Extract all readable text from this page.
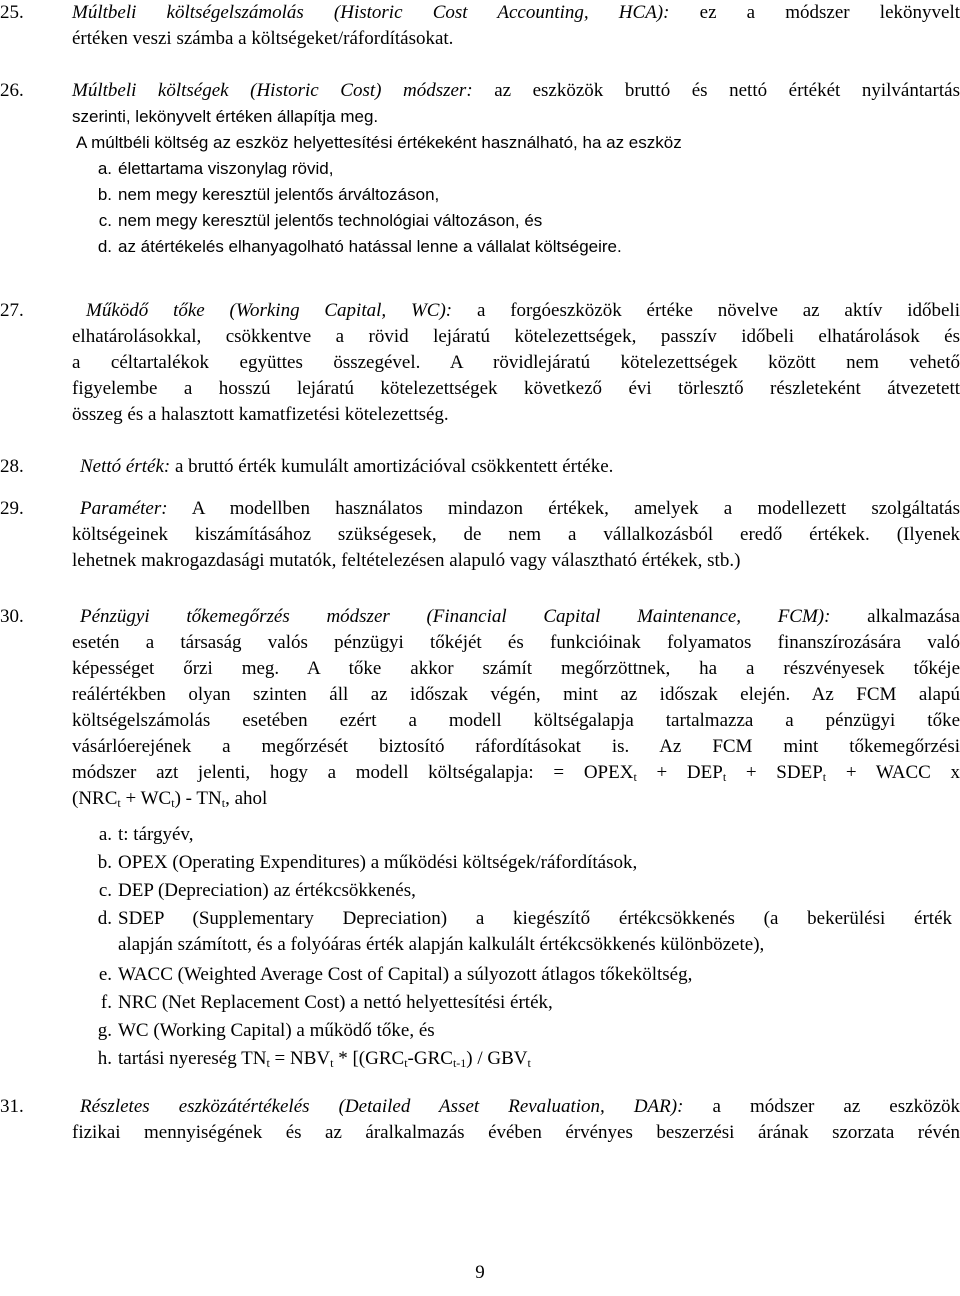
25.	Múltbeli költségelszámolás (Historic Cost Accounting, HCA): ez a módszer lekönyvelt
értéken veszi számba a költségeket/ráfordításokat.
26.	Múltbeli költségek (Historic Cost) módszer: az eszközök bruttó és nettó értékét nyilvántartás
szerinti, lekönyvelt értéken állapítja meg.
A múltbéli költség az eszköz helyettesítési értékeként használható, ha az eszköz
a. élettartama viszonylag rövid,
b. nem megy keresztül jelentős árváltozáson,
c. nem megy keresztül jelentős technológiai változáson, és
d. az átértékelés elhanyagolható hatással lenne a vállalat költségeire.
27.	Működő tőke (Working Capital, WC): a forgóeszközök értéke növelve az aktív időbeli
elhatárolásokkal, csökkentve a rövid lejáratú kötelezettségek, passzív időbeli elhatárolások és
a céltartalékok együttes összegével. A rövidlejáratú kötelezettségek között nem vehető
figyelembe a hosszú lejáratú kötelezettségek következő évi törlesztő részleteként átvezetett
összeg és a halasztott kamatfizetési kötelezettség.
28.	Nettó érték: a bruttó érték kumulált amortizációval csökkentett értéke.
29.	Paraméter: A modellben használatos mindazon értékek, amelyek a modellezett szolgáltatás
költségeinek kiszámításához szükségesek, de nem a vállalkozásból eredő értékek. (Ilyenek
lehetnek makrogazdasági mutatók, feltételezésen alapuló vagy választható értékek, stb.)
30.	Pénzügyi tőkemegőrzés módszer (Financial Capital Maintenance, FCM): alkalmazása
esetén a társaság valós pénzügyi tőkéjét és funkcióinak folyamatos finanszírozására való
képességet őrzi meg. A tőke akkor számít megőrzöttnek, ha a részvényesek tőkéje
reálértékben olyan szinten áll az időszak végén, mint az időszak elején. Az FCM alapú
költségelszámolás esetében ezért a modell költségalapja tartalmazza a pénzügyi tőke
vásárlóerejének a megőrzését biztosító ráfordításokat is. Az FCM mint tőkemegőrzési
módszer azt jelenti, hogy a modell költségalapja: = $OPEX_t + DEP_t$ + $SDEP_t$ + WACC x
$(NRC_t + WC_t) - TN_t$, ahol
a. t: tárgyév,
b. OPEX (Operating Expenditures) a működési költségek/ráfordítások,
c. DEP (Depreciation) az értékcsökkenés,
d. SDEP (Supplementary Depreciation) a kiegészítő értékcsökkenés (a bekerülési érték
alapján számított, és a folyóáras érték alapján kalkulált értékcsökkenés különbözete),
e. WACC (Weighted Average Cost of Capital) a súlyozott átlagos tőkeköltség,
f. NRC (Net Replacement Cost) a nettó helyettesítési érték,
g. WC (Working Capital) a működő tőke, és
h. tartási nyereség $TN_t = NBV_t * [(GRC_t-GRC_{t-1}) / GBV_t$
31.	Részletes eszközátértékelés (Detailed Asset Revaluation, DAR): a módszer az eszközök
fizikai mennyiségének és az áralkalmazás évében érvényes beszerzési árának szorzata révén
9
